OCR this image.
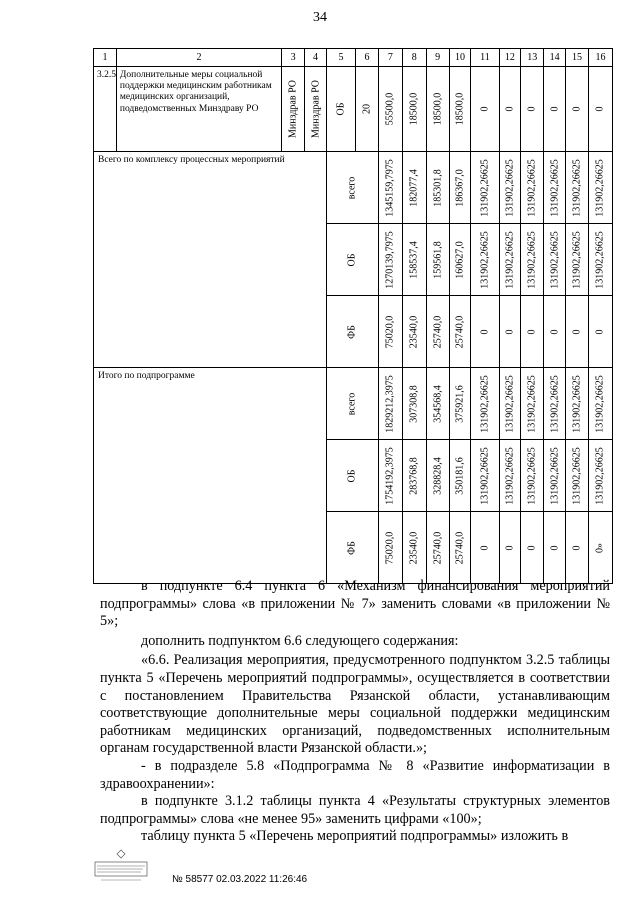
34
1	2	3	4	5	6	7	8	9	10	11	12	13	14	15	16

3.2.5	Дополнительные меры социальной поддержки медицинским работникам медицинских организаций, подведомственных Минздраву РО	Минздрав РО	Минздрав РО	ОБ	20	55500,0	18500,0	18500,0	18500,0	0	0	0	0	0	0

Всего по комплексу процессных мероприятий				всего		1345159,7975	182077,4	185301,8	186367,0	131902,26625	131902,26625	131902,26625	131902,26625	131902,26625	131902,26625

				ОБ		1270139,7975	158537,4	159561,8	160627,0	131902,26625	131902,26625	131902,26625	131902,26625	131902,26625	131902,26625

				ФБ		75020,0	23540,0	25740,0	25740,0	0	0	0	0	0	0

Итого по подпрограмме				всего		1829212,3975	307308,8	354568,4	375921,6	131902,26625	131902,26625	131902,26625	131902,26625	131902,26625	131902,26625

				ОБ		1754192,3975	283768,8	328828,4	350181,6	131902,26625	131902,26625	131902,26625	131902,26625	131902,26625	131902,26625

				ФБ		75020,0	23540,0	25740,0	25740,0	0	0	0	0	0	0»

в подпункте 6.4 пункта 6 «Механизм финансирования мероприятий подпрограммы» слова «в приложении № 7» заменить словами «в приложении № 5»;

дополнить подпунктом 6.6 следующего содержания:

«6.6. Реализация мероприятия, предусмотренного подпунктом 3.2.5 таблицы пункта 5 «Перечень мероприятий подпрограммы», осуществляется в соответствии с постановлением Правительства Рязанской области, устанавливающим соответствующие дополнительные меры социальной поддержки медицинским работникам медицинских организаций, подведомственных исполнительным органам государственной власти Рязанской области.»;

- в подразделе 5.8 «Подпрограмма № 8 «Развитие информатизации в здравоохранении»:

в подпункте 3.1.2 таблицы пункта 4 «Результаты структурных элементов подпрограммы» слова «не менее 95» заменить цифрами «100»;

таблицу пункта 5 «Перечень мероприятий подпрограммы» изложить в

№ 58577 02.03.2022 11:26:46
